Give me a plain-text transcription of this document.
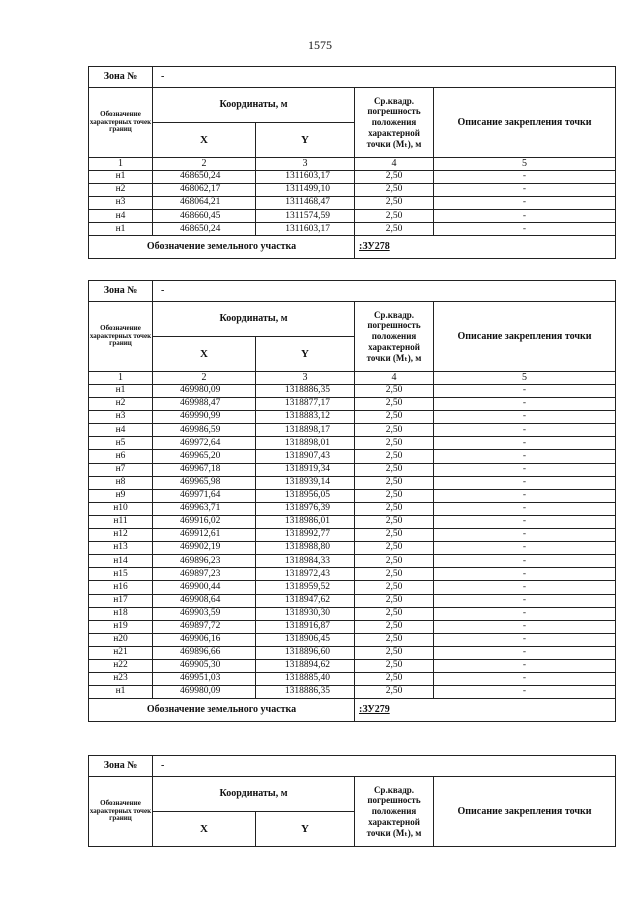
1575
Зона №	-			
Обозначение характерных точек границ	Координаты, м		Ср.квадр. погрешность положения характерной точки (Mₜ), м	Описание закрепления точки
	X	Y		
1	2	3	4	5
н1	468650,24	1311603,17	2,50	-
н2	468062,17	1311499,10	2,50	-
н3	468064,21	1311468,47	2,50	-
н4	468660,45	1311574,59	2,50	-
н1	468650,24	1311603,17	2,50	-
Обозначение земельного участка			:ЗУ278	
Зона №	-			
Обозначение характерных точек границ	Координаты, м		Ср.квадр. погрешность положения характерной точки (Mₜ), м	Описание закрепления точки
	X	Y		
1	2	3	4	5
н1	469980,09	1318886,35	2,50	-
н2	469988,47	1318877,17	2,50	-
н3	469990,99	1318883,12	2,50	-
н4	469986,59	1318898,17	2,50	-
н5	469972,64	1318898,01	2,50	-
н6	469965,20	1318907,43	2,50	-
н7	469967,18	1318919,34	2,50	-
н8	469965,98	1318939,14	2,50	-
н9	469971,64	1318956,05	2,50	-
н10	469963,71	1318976,39	2,50	-
н11	469916,02	1318986,01	2,50	-
н12	469912,61	1318992,77	2,50	-
н13	469902,19	1318988,80	2,50	-
н14	469896,23	1318984,33	2,50	-
н15	469897,23	1318972,43	2,50	-
н16	469900,44	1318959,52	2,50	-
н17	469908,64	1318947,62	2,50	-
н18	469903,59	1318930,30	2,50	-
н19	469897,72	1318916,87	2,50	-
н20	469906,16	1318906,45	2,50	-
н21	469896,66	1318896,60	2,50	-
н22	469905,30	1318894,62	2,50	-
н23	469951,03	1318885,40	2,50	-
н1	469980,09	1318886,35	2,50	-
Обозначение земельного участка			:ЗУ279	
Зона №	-			
Обозначение характерных точек границ	Координаты, м		Ср.квадр. погрешность положения характерной точки (Mₜ), м	Описание закрепления точки
	X	Y		
